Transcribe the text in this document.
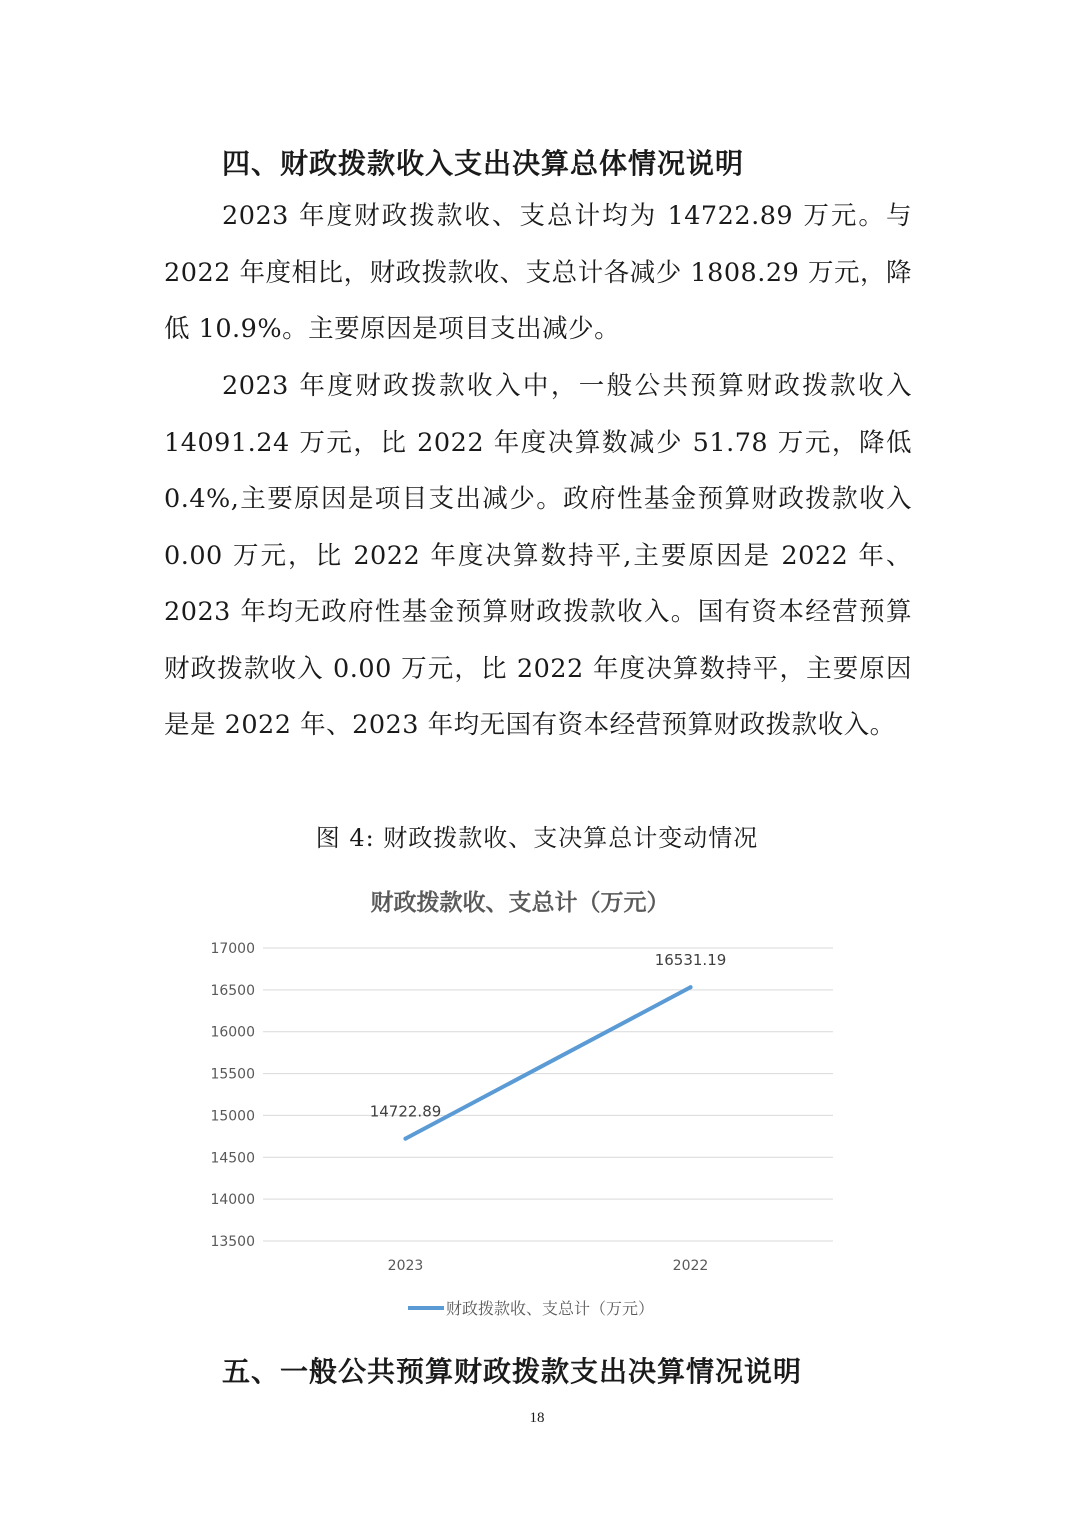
四、财政拨款收入支出决算总体情况说明
2023 年度财政拨款收、支总计均为 14722.89 万元。与 2022 年度相比，财政拨款收、支总计各减少 1808.29 万元，降低 10.9%。主要原因是项目支出减少。
2023 年度财政拨款收入中，一般公共预算财政拨款收入 14091.24 万元，比 2022 年度决算数减少 51.78 万元，降低 0.4%,主要原因是项目支出减少。政府性基金预算财政拨款收入 0.00 万元，比 2022 年度决算数持平,主要原因是 2022 年、2023 年均无政府性基金预算财政拨款收入。国有资本经营预算财政拨款收入 0.00 万元，比 2022 年度决算数持平，主要原因是是 2022 年、2023 年均无国有资本经营预算财政拨款收入。
图 4: 财政拨款收、支决算总计变动情况
财政拨款收、支总计（万元）
13500
14000
14500
15000
15500
16000
16500
17000
2023	2022
14722.89
16531.19
财政拨款收、支总计（万元）
五、一般公共预算财政拨款支出决算情况说明
18
